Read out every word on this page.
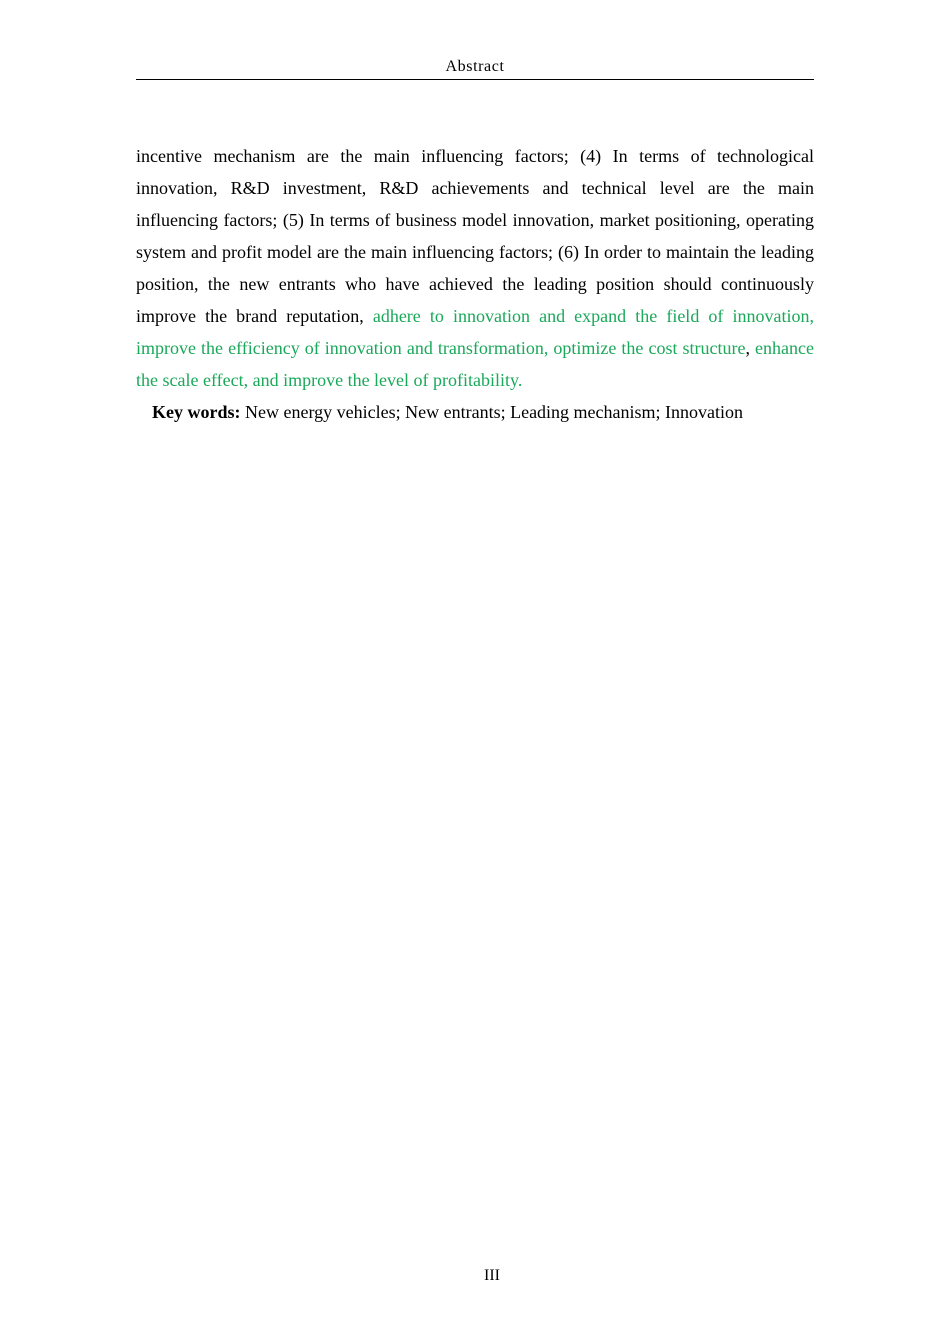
Abstract

incentive mechanism are the main influencing factors; (4) In terms of technological innovation, R&D investment, R&D achievements and technical level are the main influencing factors; (5) In terms of business model innovation, market positioning, operating system and profit model are the main influencing factors; (6) In order to maintain the leading position, the new entrants who have achieved the leading position should continuously improve the brand reputation, adhere to innovation and expand the field of innovation, improve the efficiency of innovation and transformation, optimize the cost structure, enhance the scale effect, and improve the level of profitability.

Key words: New energy vehicles; New entrants; Leading mechanism; Innovation

III
